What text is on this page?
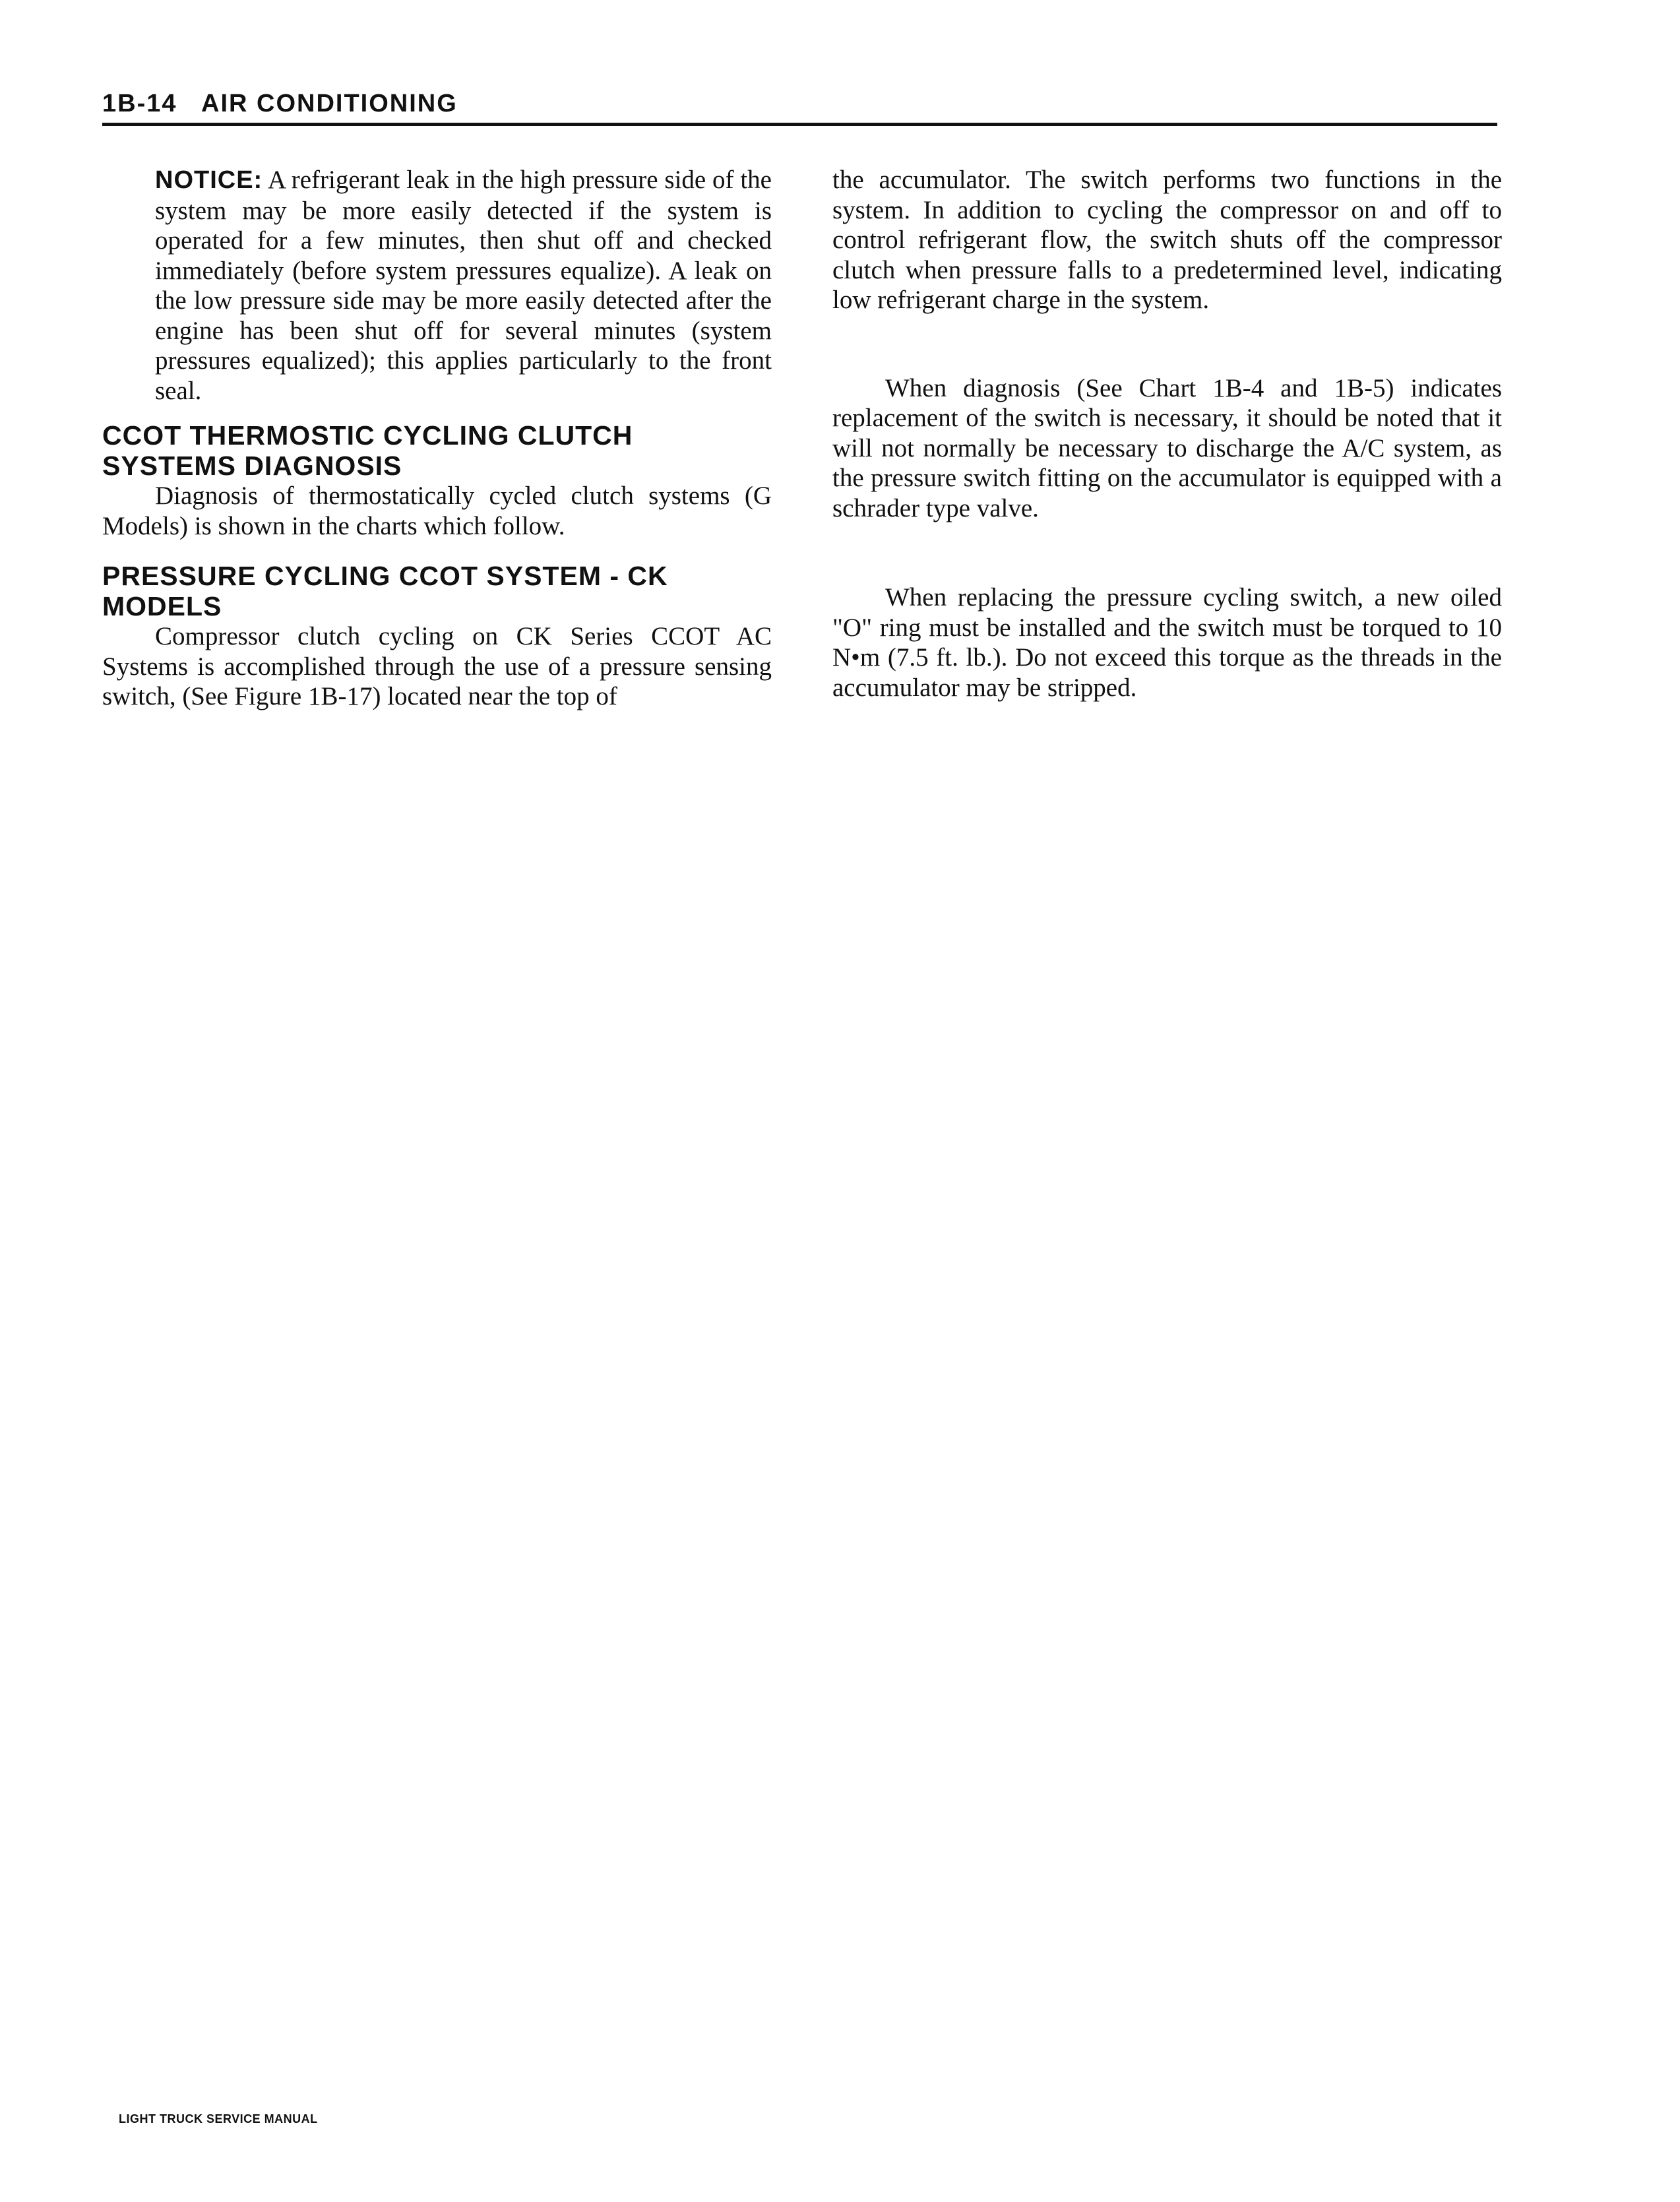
1B-14 AIR CONDITIONING

NOTICE: A refrigerant leak in the high pressure side of the system may be more easily detected if the system is operated for a few minutes, then shut off and checked immediately (before system pressures equalize). A leak on the low pressure side may be more easily detected after the engine has been shut off for several minutes (system pressures equalized); this applies particularly to the front seal.

CCOT THERMOSTIC CYCLING CLUTCH SYSTEMS DIAGNOSIS

Diagnosis of thermostatically cycled clutch systems (G Models) is shown in the charts which follow.

PRESSURE CYCLING CCOT SYSTEM - CK MODELS

Compressor clutch cycling on CK Series CCOT AC Systems is accomplished through the use of a pressure sensing switch, (See Figure 1B-17) located near the top of

the accumulator. The switch performs two functions in the system. In addition to cycling the compressor on and off to control refrigerant flow, the switch shuts off the compressor clutch when pressure falls to a predetermined level, indicating low refrigerant charge in the system.

When diagnosis (See Chart 1B-4 and 1B-5) indicates replacement of the switch is necessary, it should be noted that it will not normally be necessary to discharge the A/C system, as the pressure switch fitting on the accumulator is equipped with a schrader type valve.

When replacing the pressure cycling switch, a new oiled "O" ring must be installed and the switch must be torqued to 10 N•m (7.5 ft. lb.). Do not exceed this torque as the threads in the accumulator may be stripped.

LIGHT TRUCK SERVICE MANUAL
